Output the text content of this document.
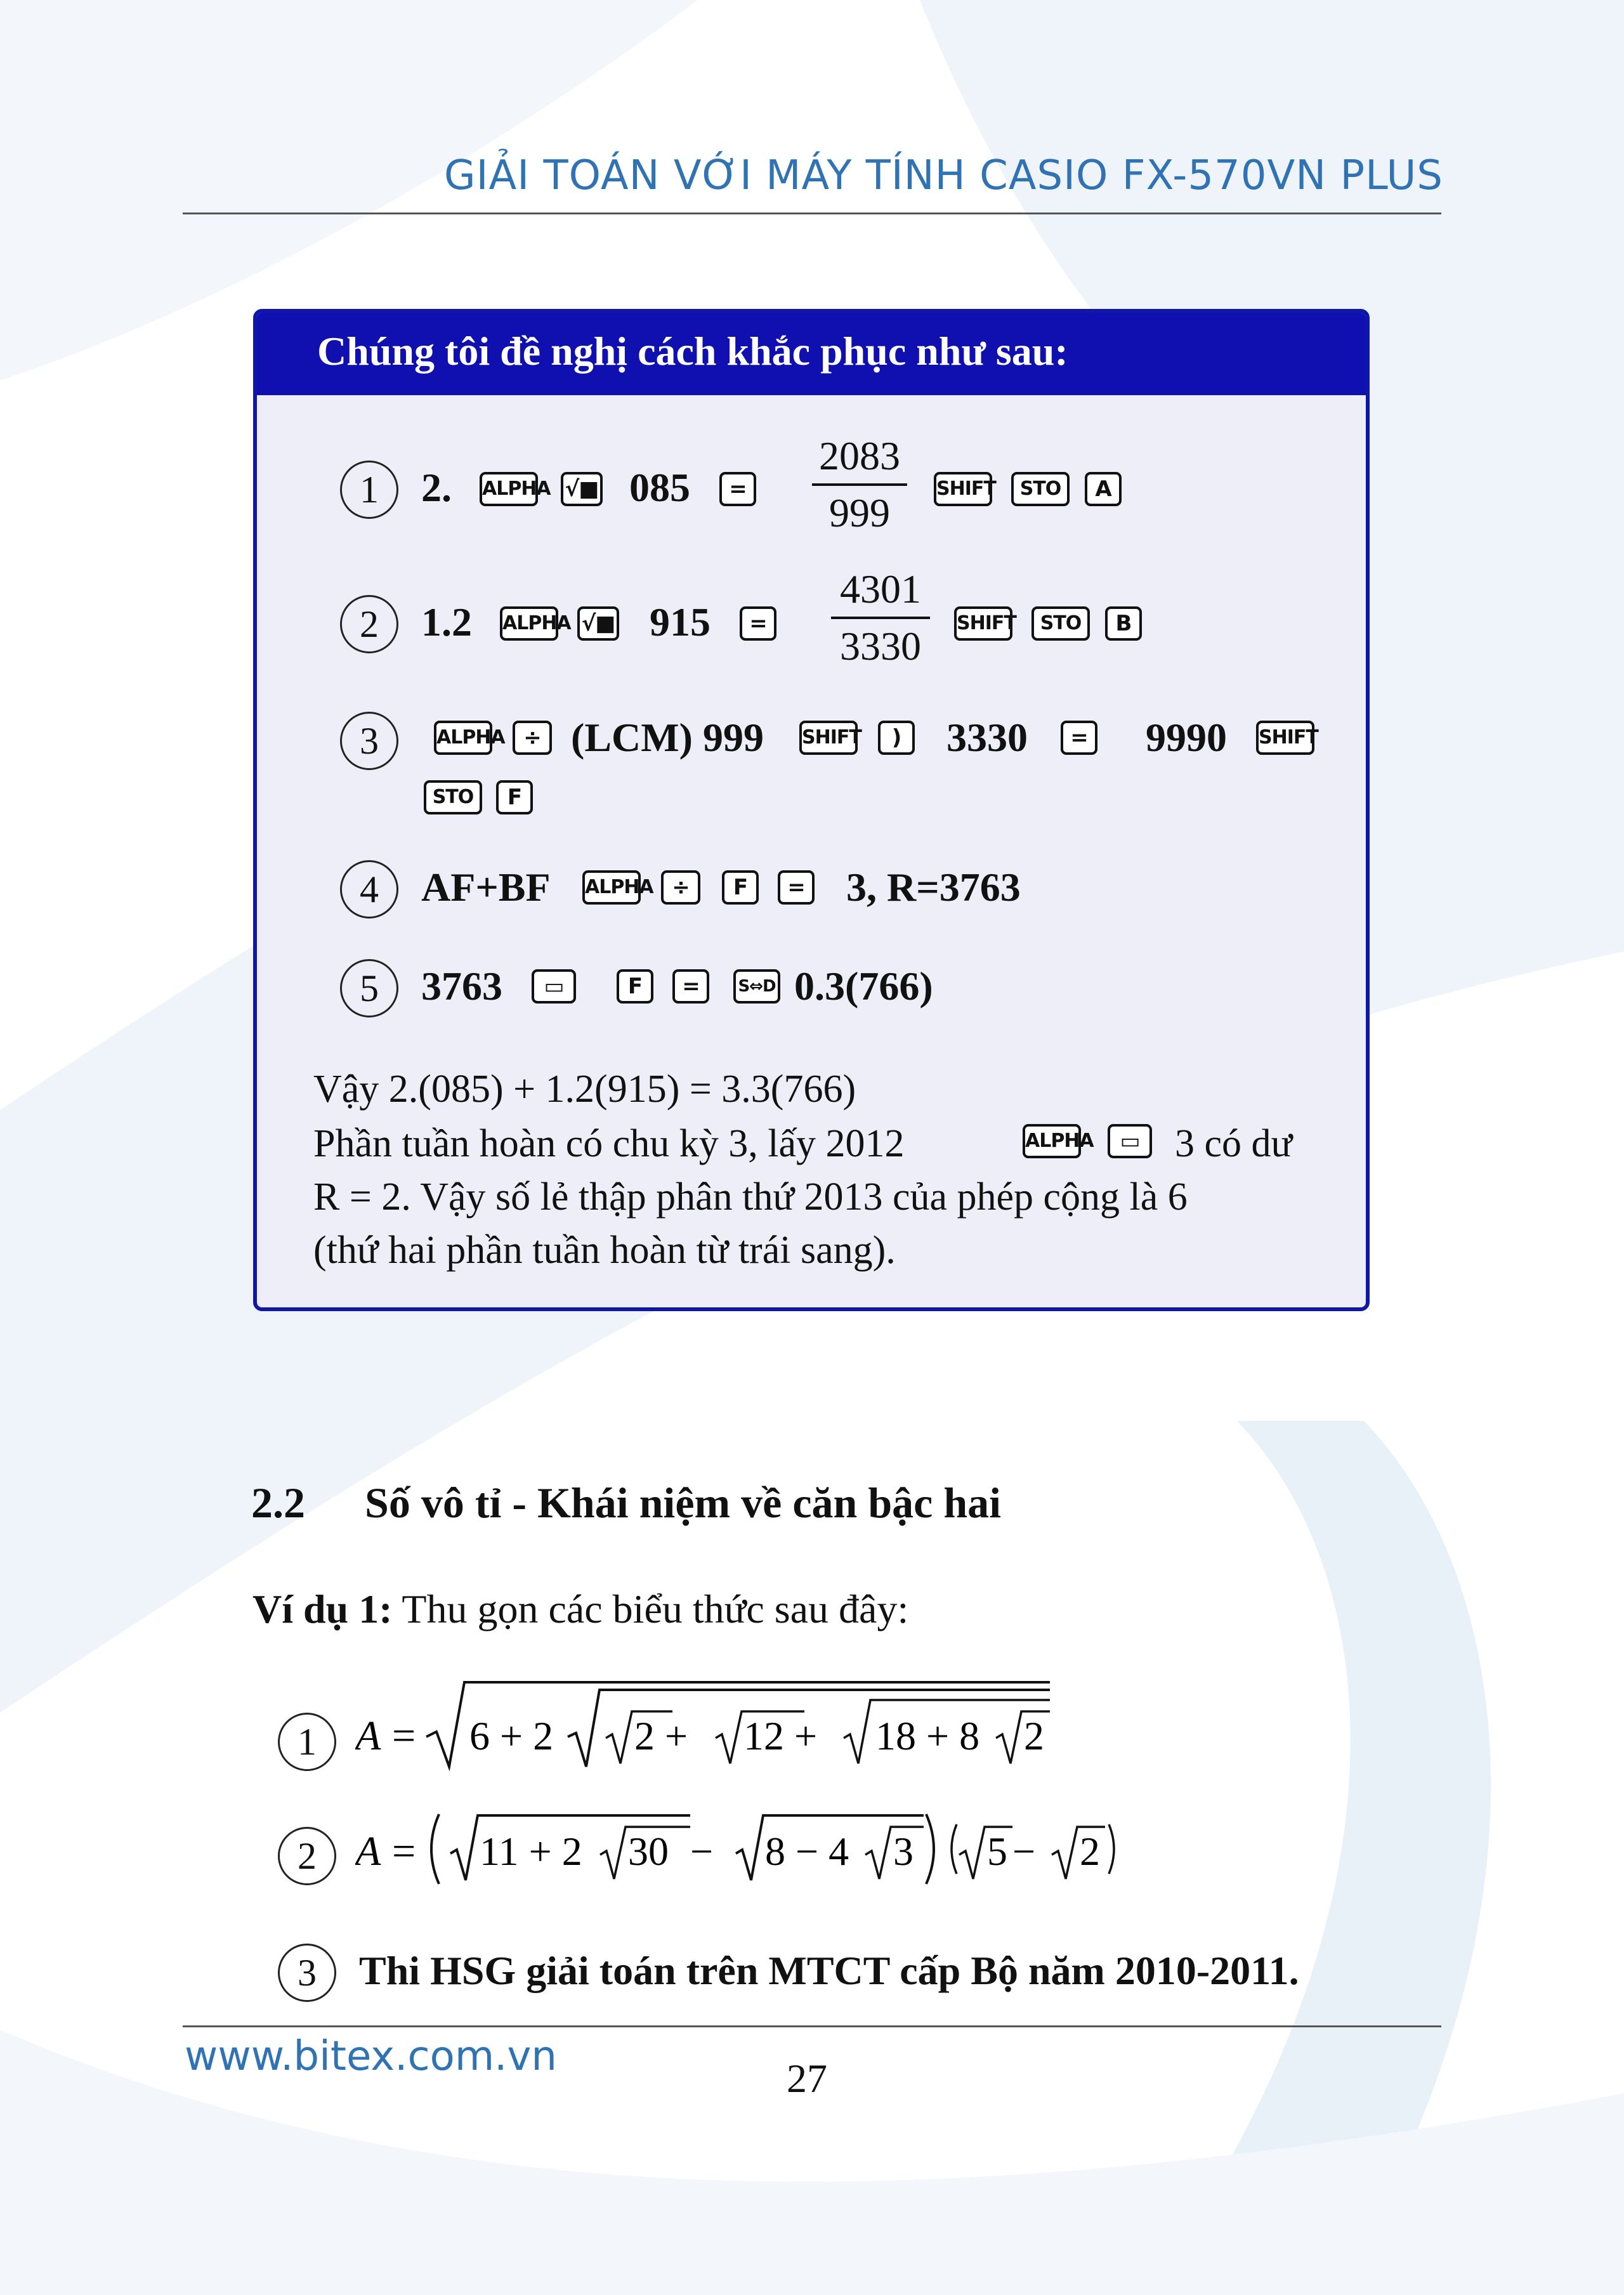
GIẢI TOÁN VỚI MÁY TÍNH CASIO FX-570VN PLUS
Chúng tôi đề nghị cách khắc phục như sau:
1	2. ALPHA √■ 085	=
2083
999
SHIFT	STO	A
2	1.2 ALPHA √■ 915	=
4301
3330
SHIFT	STO	B
3	ALPHA ÷ (LCM) 999 SHIFT	)	3330	= 9990 SHIFT
STO	F
4	AF+BF ALPHA ÷	F	= 3, R=3763
5	3763	▭	F	=	S⇔D 0.3(766)
Vậy 2.(085) + 1.2(915) = 3.3(766)
Phần tuần hoàn có chu kỳ 3, lấy 2012	ALPHA	▭ 3 có dư
R = 2. Vậy số lẻ thập phân thứ 2013 của phép cộng là 6
(thứ hai phần tuần hoàn từ trái sang).
2.2 Số vô tỉ - Khái niệm về căn bậc hai
Ví dụ 1: Thu gọn các biểu thức sau đây:
1 A = 6 + 2 2 + 12 + 18 + 8 2
2 A = 11 + 2 30 − 8 − 4 3 5 − 2
3	Thi HSG giải toán trên MTCT cấp Bộ năm 2010-2011.
www.bitex.com.vn	27
